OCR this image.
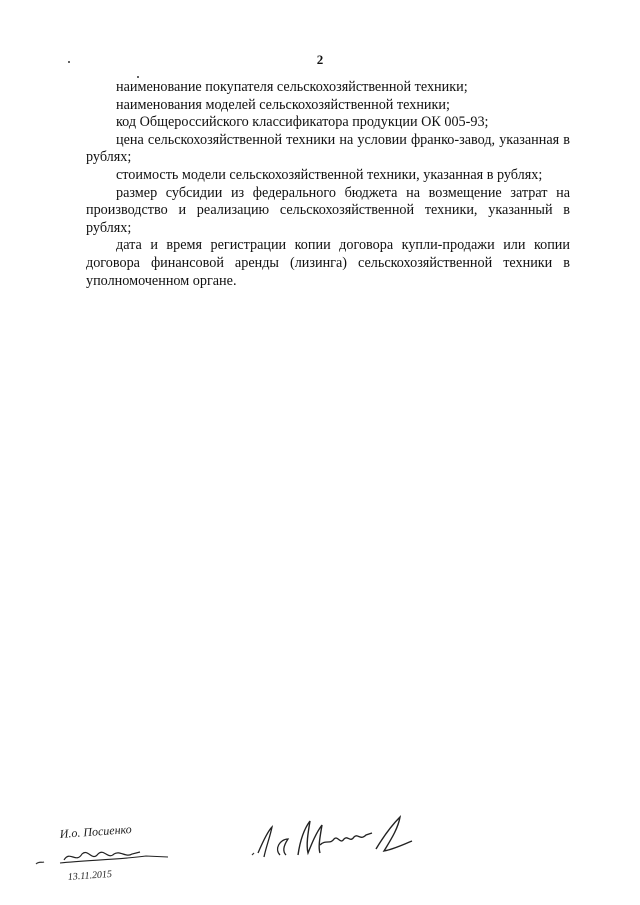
2

наименование покупателя сельскохозяйственной техники;

наименования моделей сельскохозяйственной техники;

код Общероссийского классификатора продукции ОК 005-93;

цена сельскохозяйственной техники на условии франко-завод, указанная в рублях;

стоимость модели сельскохозяйственной техники, указанная в рублях;

размер субсидии из федерального бюджета на возмещение затрат на производство и реализацию сельскохозяйственной техники, указанный в рублях;

дата и время регистрации копии договора купли-продажи или копии договора финансовой аренды (лизинга) сельскохозяйственной техники в уполномоченном органе.

И.о. Посиенко
13.11.2015
